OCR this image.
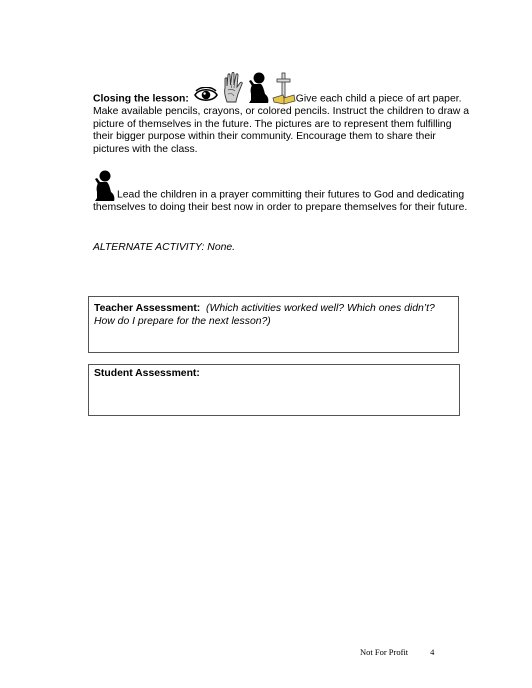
Closing the lesson:	Give each child a piece of art paper. Make available pencils, crayons, or colored pencils. Instruct the children to draw a picture of themselves in the future. The pictures are to represent them fulfilling their bigger purpose within their community. Encourage them to share their pictures with the class.
Lead the children in a prayer committing their futures to God and dedicating themselves to doing their best now in order to prepare themselves for their future.
ALTERNATE ACTIVITY: None.
Teacher Assessment: (Which activities worked well? Which ones didn’t? How do I prepare for the next lesson?)
Student Assessment:
Not For Profit	4
